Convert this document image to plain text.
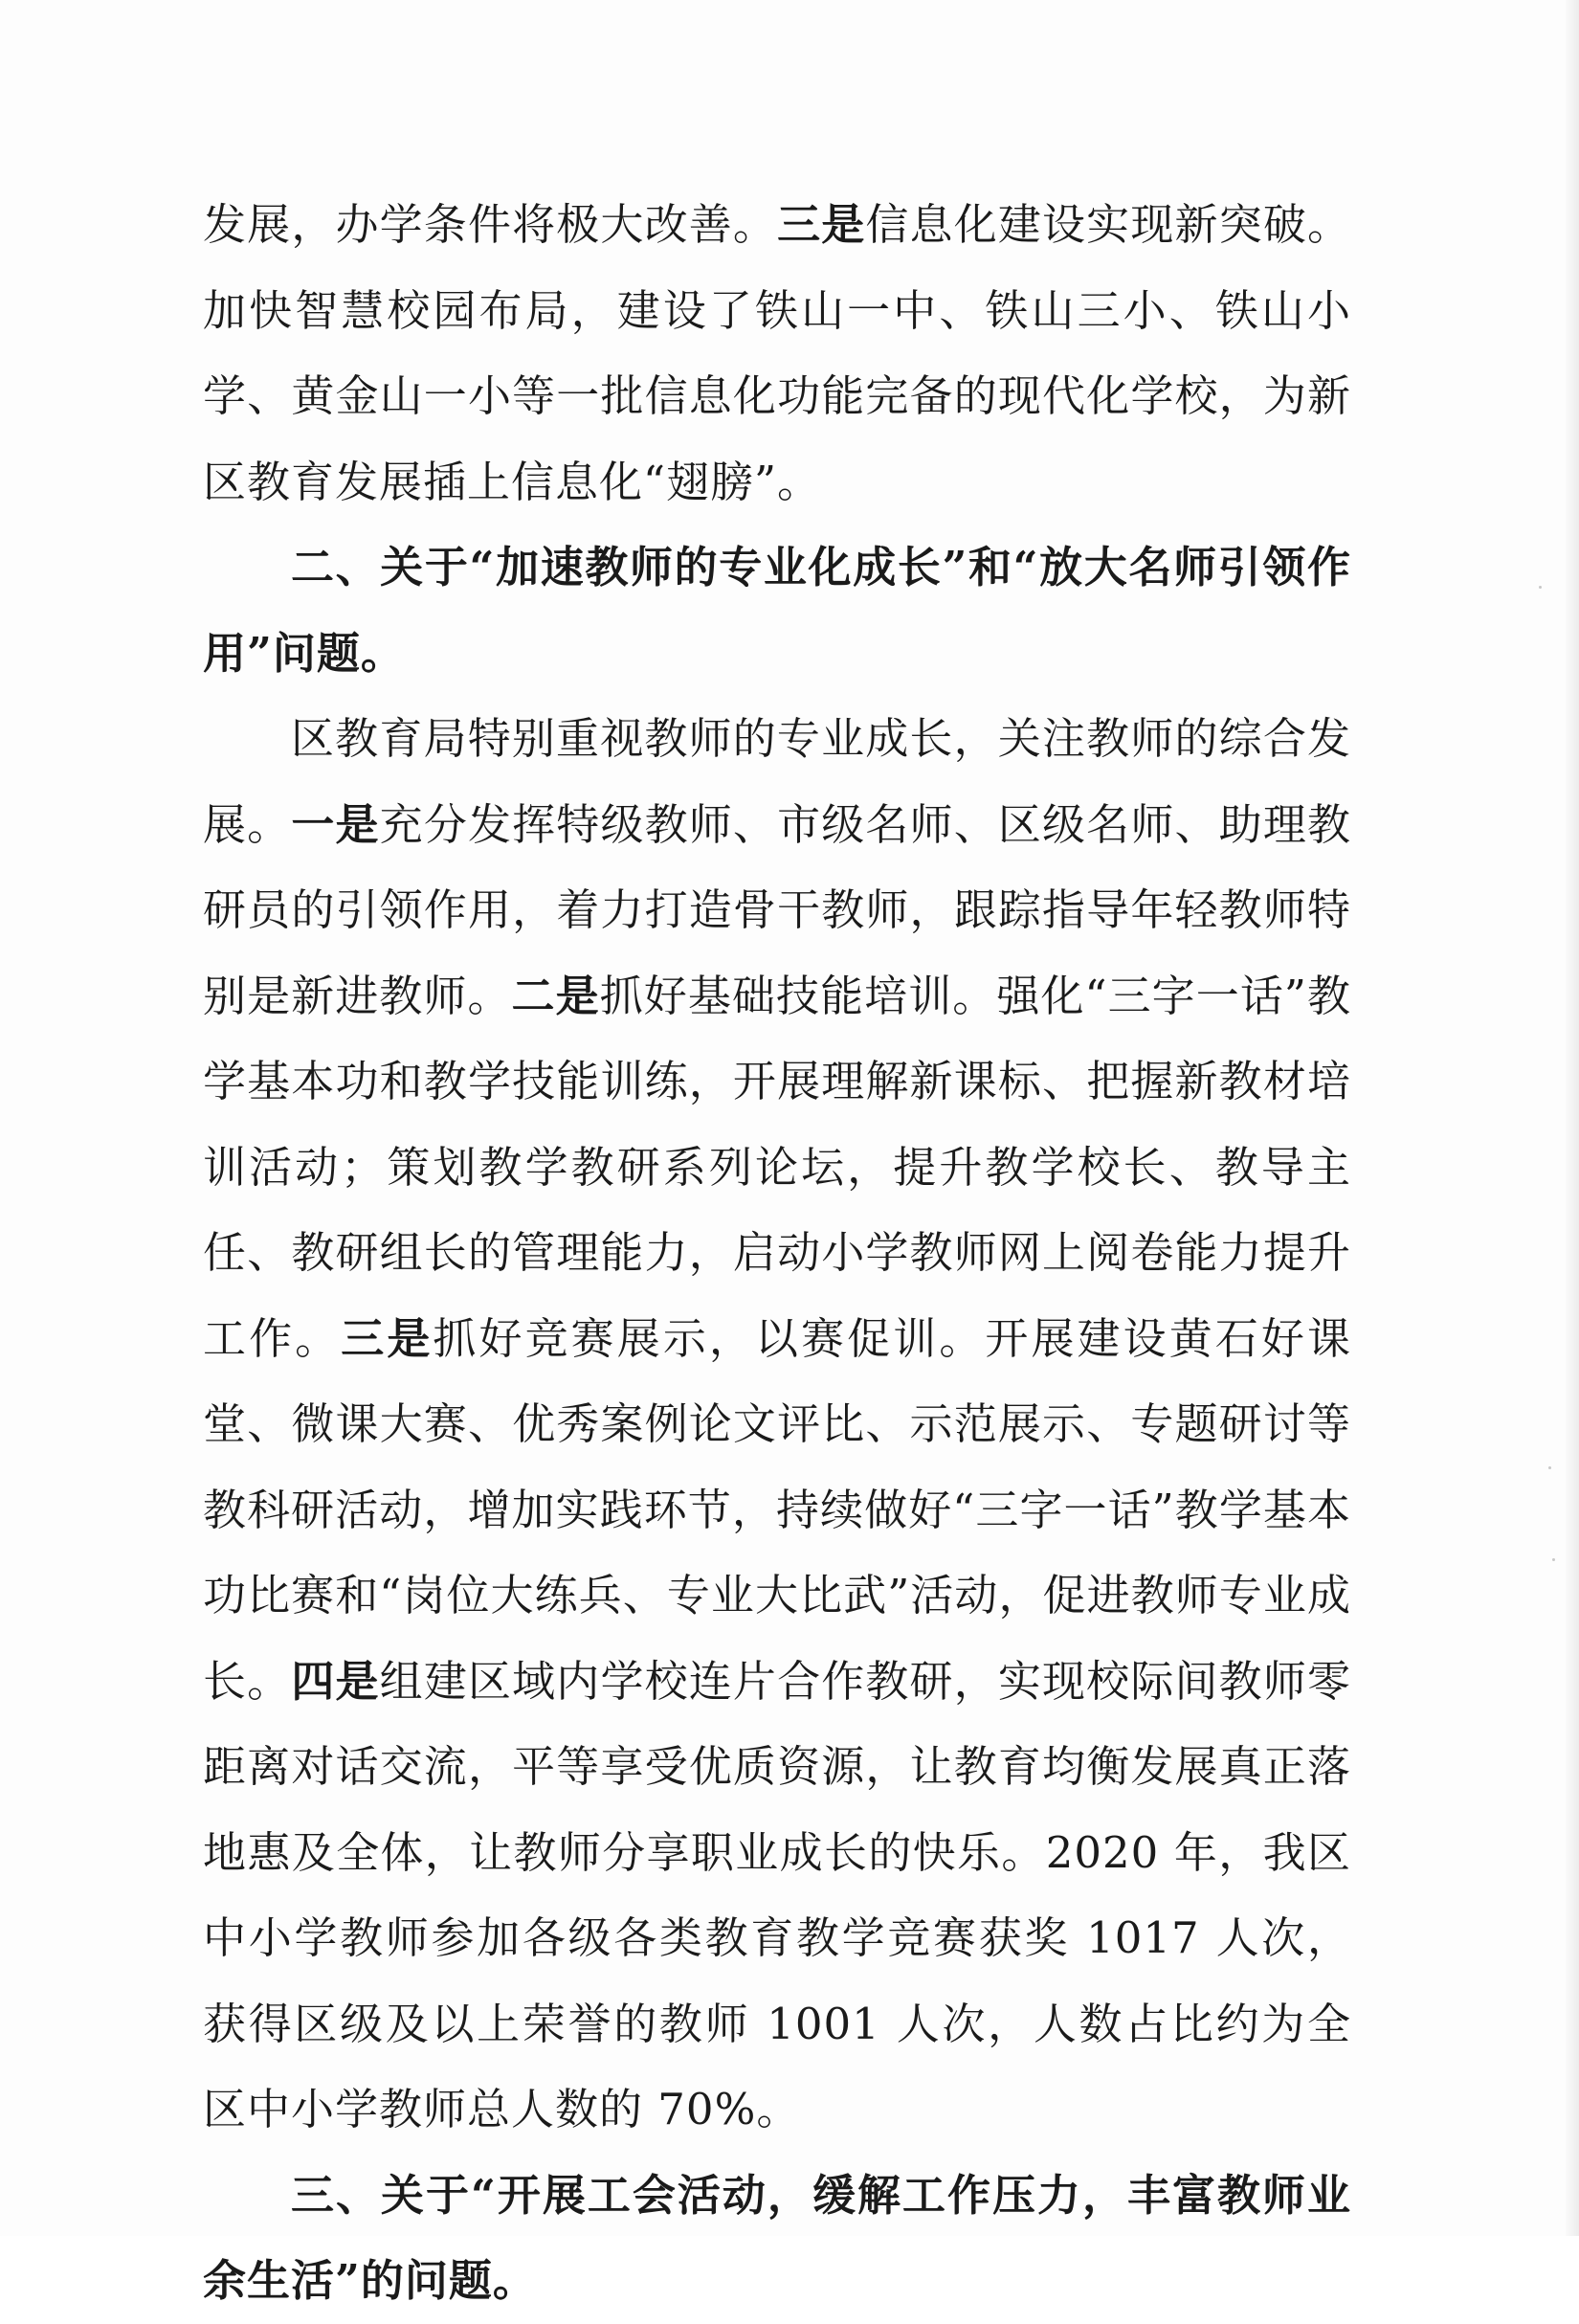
发展，办学条件将极大改善。三是信息化建设实现新突破。加快智慧校园布局，建设了铁山一中、铁山三小、铁山小学、黄金山一小等一批信息化功能完备的现代化学校，为新区教育发展插上信息化“翅膀”。

二、关于“加速教师的专业化成长”和“放大名师引领作用”问题。

区教育局特别重视教师的专业成长，关注教师的综合发展。一是充分发挥特级教师、市级名师、区级名师、助理教研员的引领作用，着力打造骨干教师，跟踪指导年轻教师特别是新进教师。二是抓好基础技能培训。强化“三字一话”教学基本功和教学技能训练，开展理解新课标、把握新教材培训活动；策划教学教研系列论坛，提升教学校长、教导主任、教研组长的管理能力，启动小学教师网上阅卷能力提升工作。三是抓好竞赛展示，以赛促训。开展建设黄石好课堂、微课大赛、优秀案例论文评比、示范展示、专题研讨等教科研活动，增加实践环节，持续做好“三字一话”教学基本功比赛和“岗位大练兵、专业大比武”活动，促进教师专业成长。四是组建区域内学校连片合作教研，实现校际间教师零距离对话交流，平等享受优质资源，让教育均衡发展真正落地惠及全体，让教师分享职业成长的快乐。2020 年，我区中小学教师参加各级各类教育教学竞赛获奖 1017 人次，获得区级及以上荣誉的教师 1001 人次，人数占比约为全区中小学教师总人数的 70%。

三、关于“开展工会活动，缓解工作压力，丰富教师业余生活”的问题。
